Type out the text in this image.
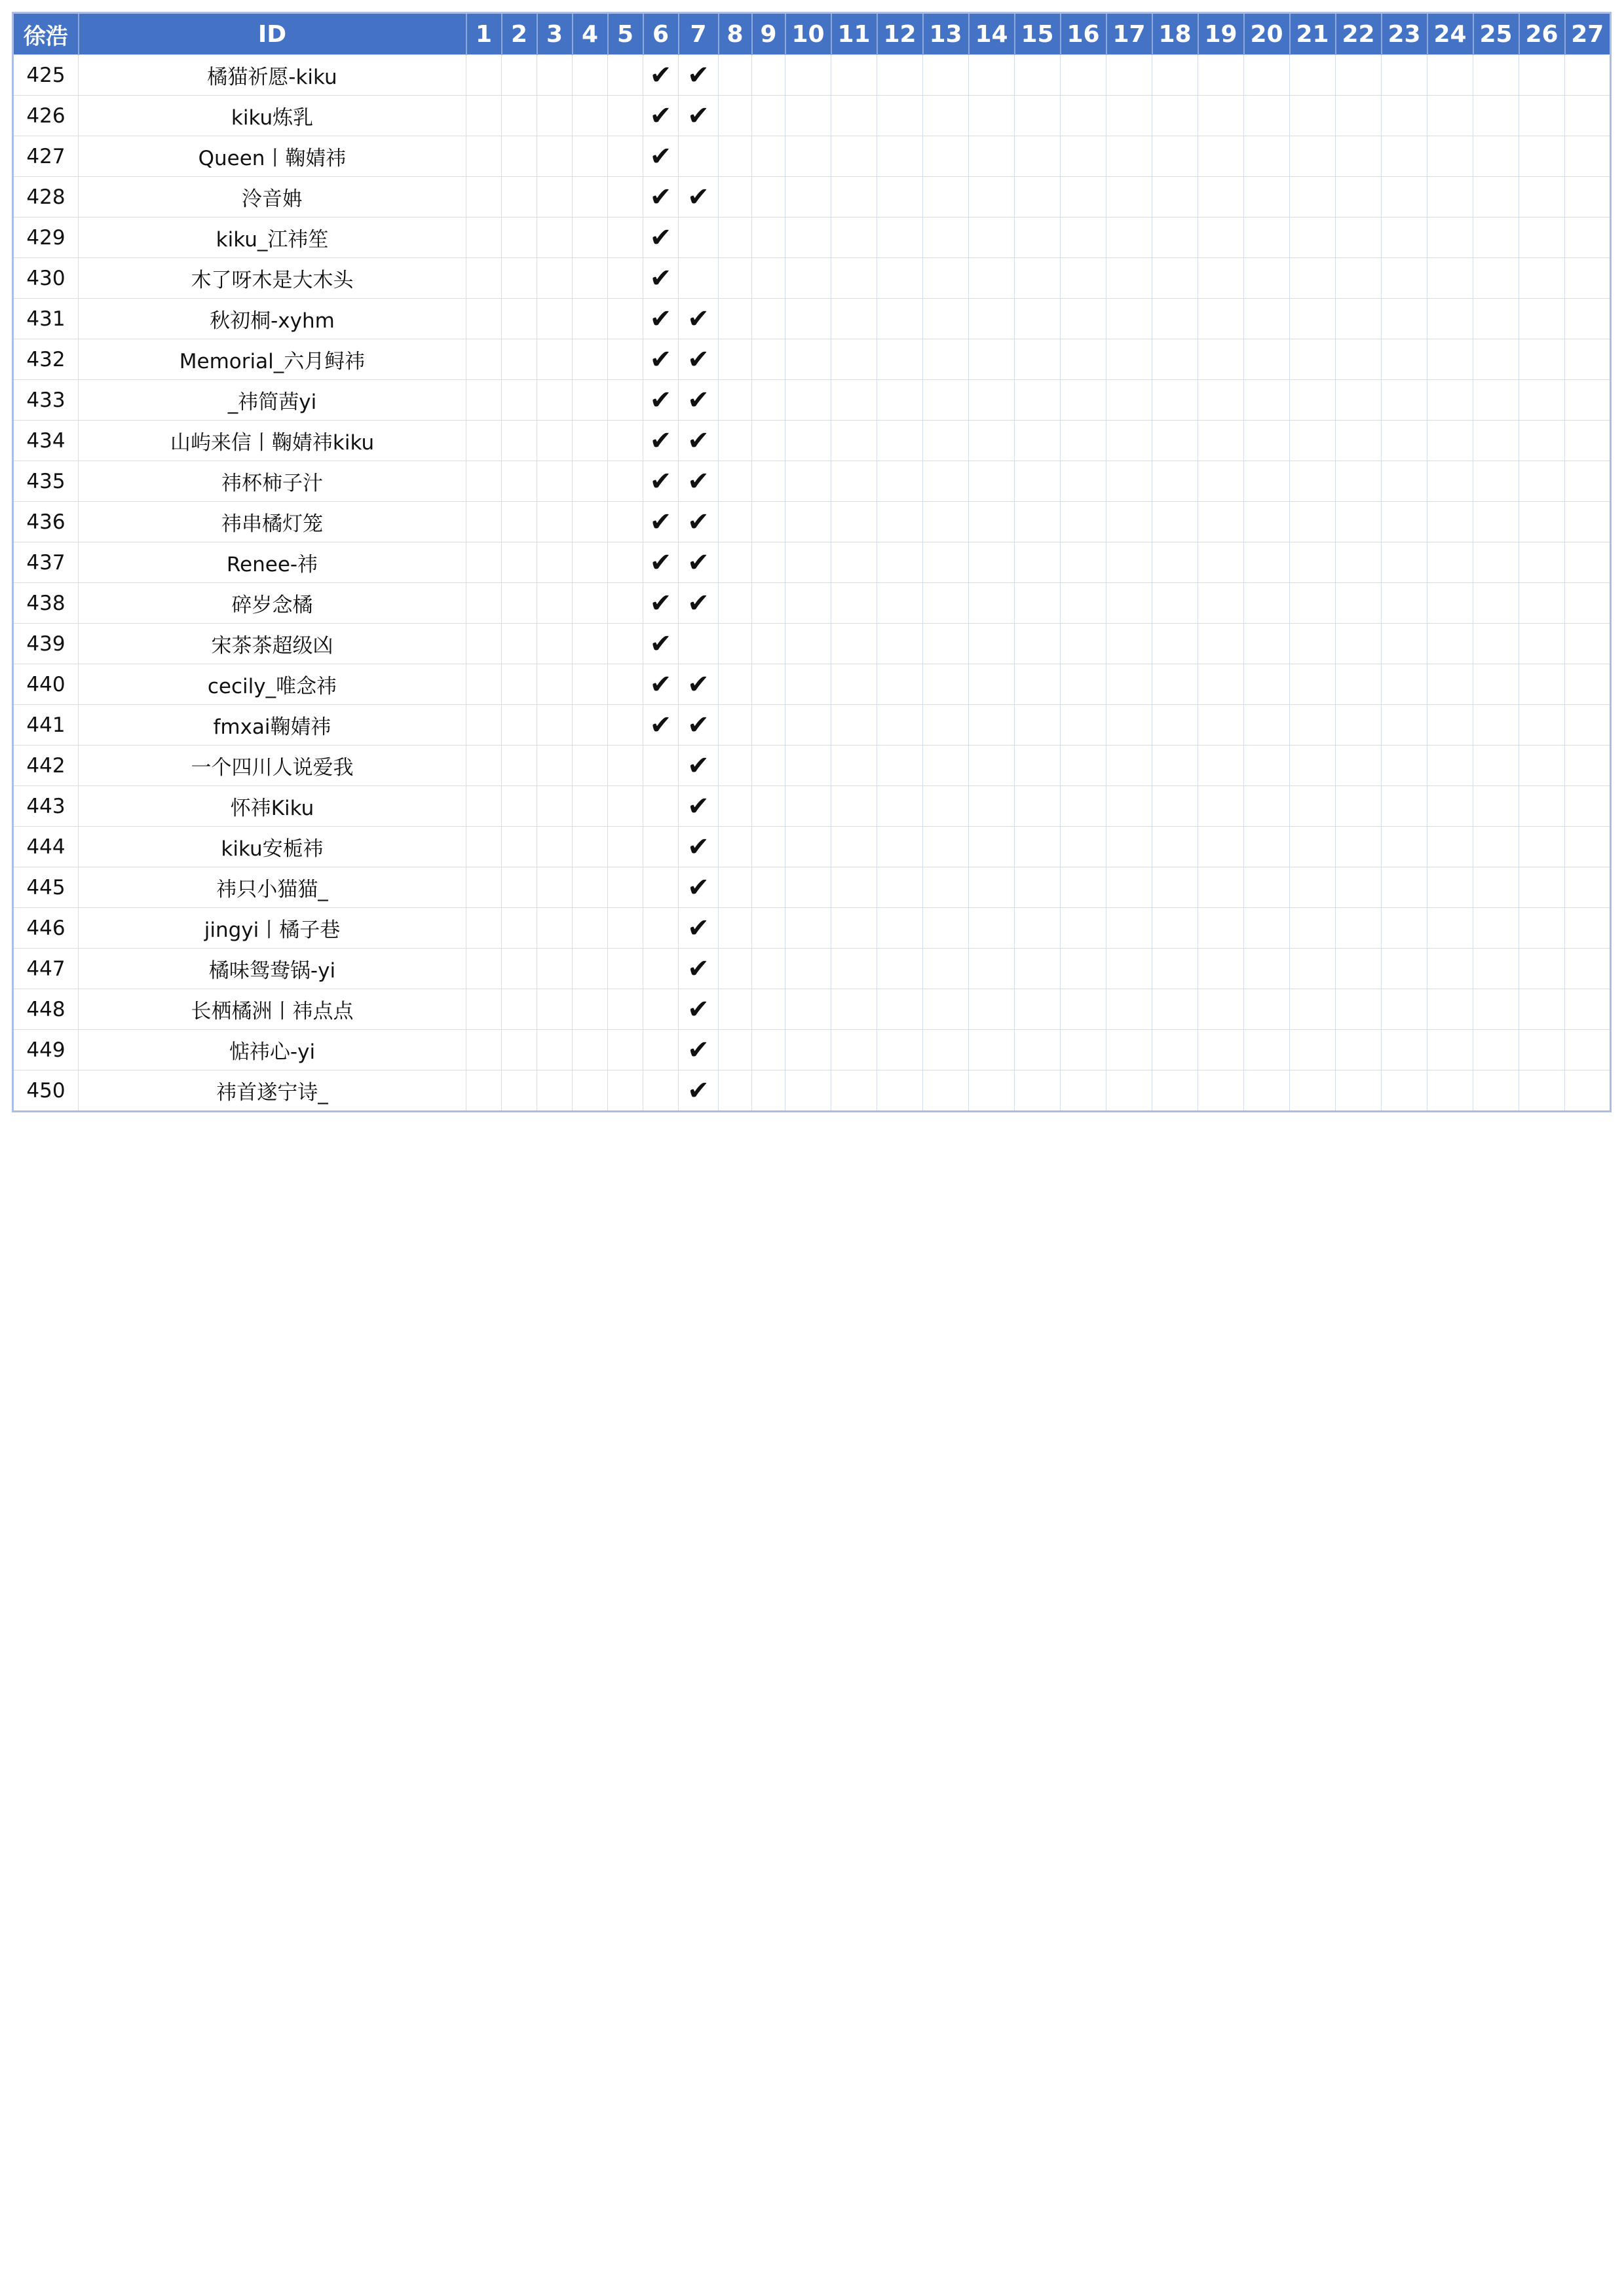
徐浩	ID	1	2	3	4	5	6	7	8	9	10	11	12	13	14	15	16	17	18	19	20	21	22	23	24	25	26	27
425	橘猫祈愿-kiku						✔	✔																				
426	kiku炼乳						✔	✔																				
427	Queen丨鞠婧祎						✔																					
428	泠音姌						✔	✔																				
429	kiku_江祎笙						✔																					
430	木了呀木是大木头						✔																					
431	秋初桐-xyhm						✔	✔																				
432	Memorial_六月鲟祎						✔	✔																				
433	_祎简茜yi						✔	✔																				
434	山屿来信丨鞠婧祎kiku						✔	✔																				
435	祎杯柿子汁						✔	✔																				
436	祎串橘灯笼						✔	✔																				
437	Renee-祎						✔	✔																				
438	碎岁念橘						✔	✔																				
439	宋茶茶超级凶						✔																					
440	cecily_唯念祎						✔	✔																				
441	fmxai鞠婧祎						✔	✔																				
442	一个四川人说爱我							✔																				
443	怀祎Kiku							✔																				
444	kiku安栀祎							✔																				
445	祎只小猫猫_							✔																				
446	jingyi丨橘子巷							✔																				
447	橘味鸳鸯锅-yi							✔																				
448	长栖橘洲丨祎点点							✔																				
449	惦祎心-yi							✔																				
450	祎首遂宁诗_							✔																				
